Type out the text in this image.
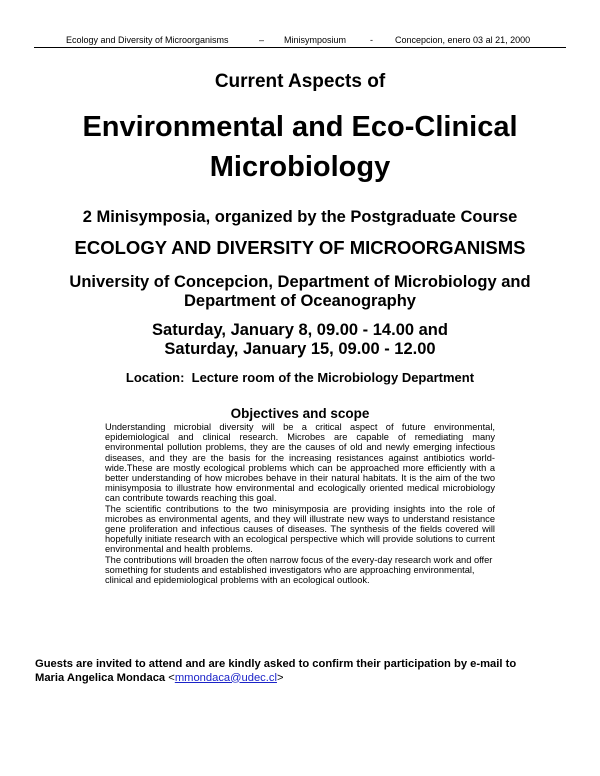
Ecology and Diversity of Microorganisms	– Minisymposium	- Concepcion, enero 03 al 21, 2000
Current Aspects of
Environmental and Eco-Clinical
Microbiology
2 Minisymposia, organized by the Postgraduate Course
ECOLOGY AND DIVERSITY OF MICROORGANISMS
University of Concepcion, Department of Microbiology and
Department of Oceanography
Saturday, January 8, 09.00 - 14.00 and
Saturday, January 15, 09.00 - 12.00
Location:  Lecture room of the Microbiology Department
Objectives and scope

Understanding microbial diversity will be a critical aspect of future environmental, epidemiological and clinical research. Microbes are capable of remediating many environmental pollution problems, they are the causes of old and newly emerging infectious diseases, and they are the basis for the increasing resistances against antibiotics world-wide.These are mostly ecological problems which can be approached more efficiently with a better understanding of how microbes behave in their natural habitats. It is the aim of the two minisymposia to illustrate how environmental and ecologically oriented medical microbiology can contribute towards reaching this goal.

The scientific contributions to the two minisymposia are providing insights into the role of microbes as environmental agents, and they will illustrate new ways to understand resistance gene proliferation and infectious causes of diseases. The synthesis of the fields covered will hopefully initiate research with an ecological perspective which will provide solutions to current environmental and health problems.

The contributions will broaden the often narrow focus of the every-day research work and offer something for students and established investigators who are approaching environmental, clinical and epidemiological problems with an ecological outlook.

Guests are invited to attend and are kindly asked to confirm their participation by e-mail to
Maria Angelica Mondaca <mmondaca@udec.cl>
